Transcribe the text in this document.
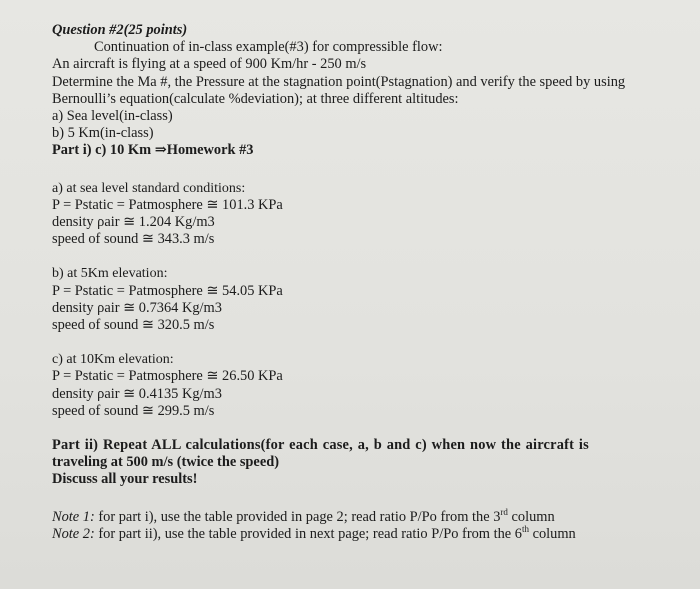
Question #2(25 points)
Continuation of in-class example(#3) for compressible flow:
An aircraft is flying at a speed of 900 Km/hr - 250 m/s
Determine the Ma #, the Pressure at the stagnation point(Pstagnation) and verify the speed by using Bernoulli’s equation(calculate %deviation); at three different altitudes:
a) Sea level(in-class)
b) 5 Km(in-class)
Part i) c) 10 Km ⇒Homework #3
a) at sea level standard conditions:
P = Pstatic = Patmosphere ≅ 101.3 KPa
density ρair ≅ 1.204 Kg/m3
speed of sound ≅ 343.3 m/s
b) at 5Km elevation:
P = Pstatic = Patmosphere ≅ 54.05 KPa
density ρair ≅ 0.7364 Kg/m3
speed of sound ≅ 320.5 m/s
c) at 10Km elevation:
P = Pstatic = Patmosphere ≅ 26.50 KPa
density ρair ≅ 0.4135 Kg/m3
speed of sound ≅ 299.5 m/s
Part ii) Repeat ALL calculations(for each case, a, b and c) when now the aircraft is
traveling at 500 m/s (twice the speed)
Discuss all your results!
Note 1: for part i), use the table provided in page 2; read ratio P/Po from the 3rd column
Note 2: for part ii), use the table provided in next page; read ratio P/Po from the 6th column
